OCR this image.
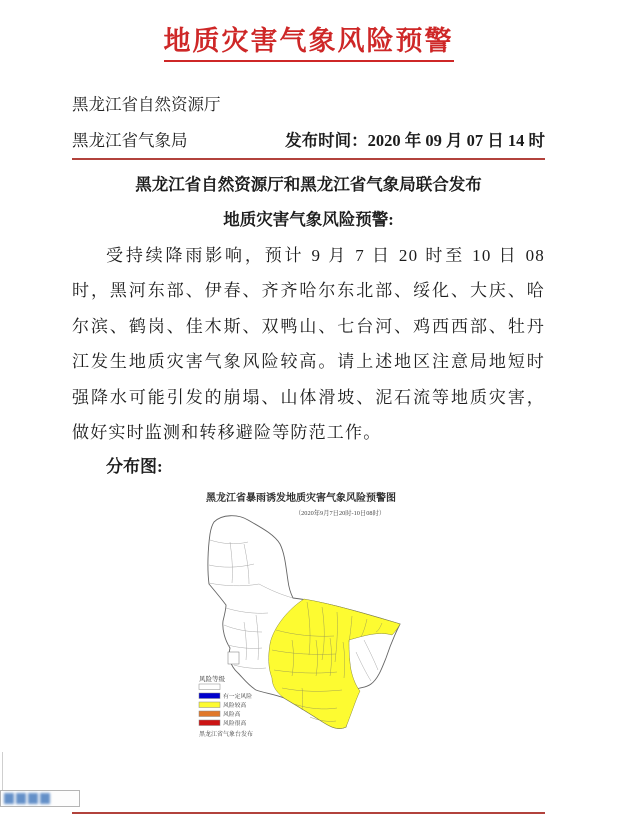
地质灾害气象风险预警
黑龙江省自然资源厅
黑龙江省气象局	发布时间：2020 年 09 月 07 日 14 时
黑龙江省自然资源厅和黑龙江省气象局联合发布
地质灾害气象风险预警:

受持续降雨影响，预计 9 月 7 日 20 时至 10 日 08 时，黑河东部、伊春、齐齐哈尔东北部、绥化、大庆、哈尔滨、鹤岗、佳木斯、双鸭山、七台河、鸡西西部、牡丹江发生地质灾害气象风险较高。请上述地区注意局地短时强降水可能引发的崩塌、山体滑坡、泥石流等地质灾害，做好实时监测和转移避险等防范工作。

分布图:
黑龙江省暴雨诱发地质灾害气象风险预警图
（2020年9月7日20时-10日08时）
风险等级
有一定风险
风险较高
风险高
风险很高
黑龙江省气象台发布
